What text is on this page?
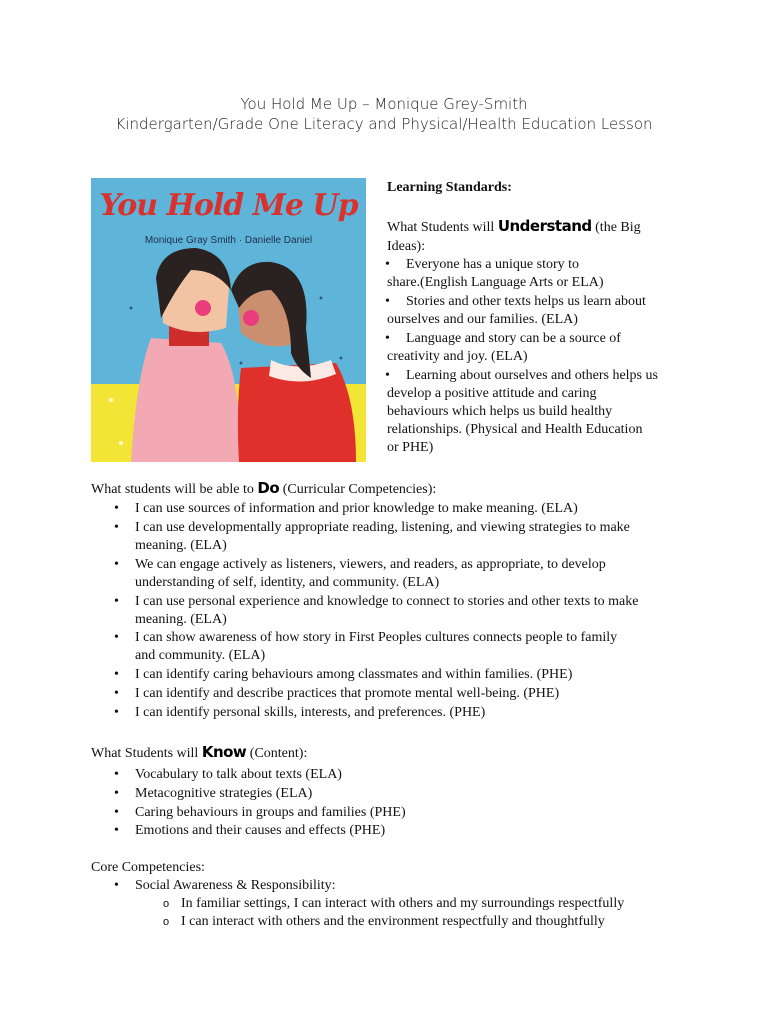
You Hold Me Up – Monique Grey-Smith
Kindergarten/Grade One Literacy and Physical/Health Education Lesson
You Hold Me Up
Monique Gray Smith · Danielle Daniel
Learning Standards:
What Students will Understand (the Big
Ideas):
• Everyone has a unique story to
share.(English Language Arts or ELA)
• Stories and other texts helps us learn about
ourselves and our families. (ELA)
• Language and story can be a source of
creativity and joy. (ELA)
• Learning about ourselves and others helps us
develop a positive attitude and caring
behaviours which helps us build healthy
relationships. (Physical and Health Education
or PHE)
What students will be able to Do (Curricular Competencies):
• I can use sources of information and prior knowledge to make meaning. (ELA)
• I can use developmentally appropriate reading, listening, and viewing strategies to make
meaning. (ELA)
• We can engage actively as listeners, viewers, and readers, as appropriate, to develop
understanding of self, identity, and community. (ELA)
• I can use personal experience and knowledge to connect to stories and other texts to make
meaning. (ELA)
• I can show awareness of how story in First Peoples cultures connects people to family
and community. (ELA)
• I can identify caring behaviours among classmates and within families. (PHE)
• I can identify and describe practices that promote mental well-being. (PHE)
• I can identify personal skills, interests, and preferences. (PHE)
What Students will Know (Content):
• Vocabulary to talk about texts (ELA)
• Metacognitive strategies (ELA)
• Caring behaviours in groups and families (PHE)
• Emotions and their causes and effects (PHE)
Core Competencies:
• Social Awareness & Responsibility:
o In familiar settings, I can interact with others and my surroundings respectfully
o I can interact with others and the environment respectfully and thoughtfully
